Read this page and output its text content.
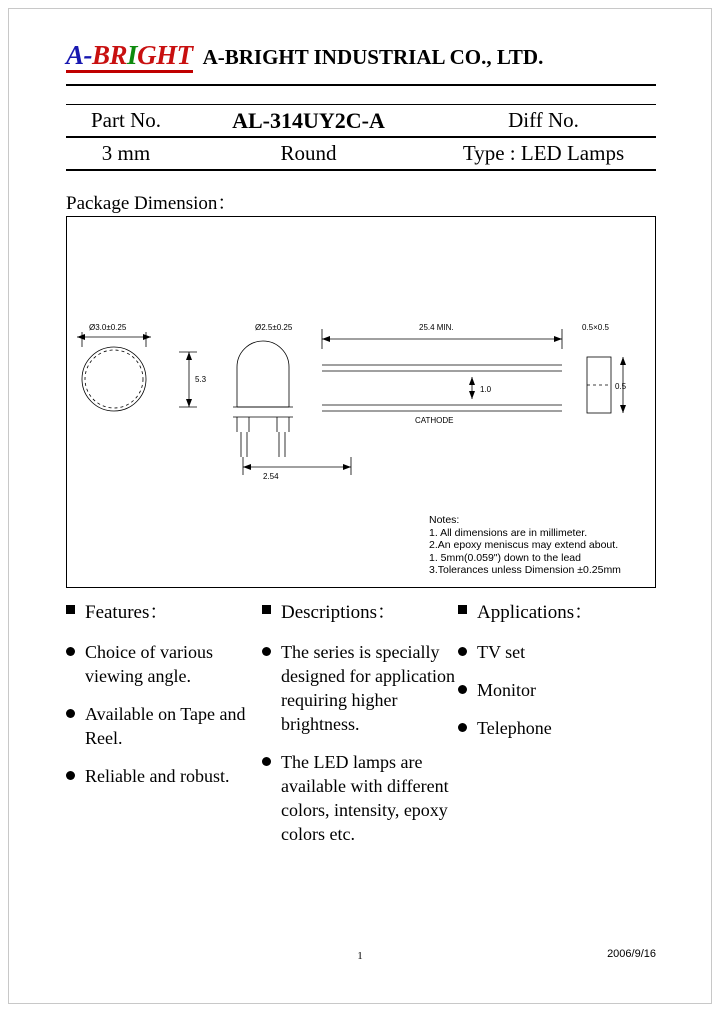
A - B R I G H T A-BRIGHT INDUSTRIAL CO., LTD.
Part No.	AL-314UY2C-A	Diff No.
3 mm	Round	Type : LED Lamps
Package Dimension：
Ø3.0±0.25	Ø2.5±0.25	25.4 MIN.	0.5×0.5
5.3
1.0	0.5
2.54
CATHODE
Notes:
1. All dimensions are in millimeter.
2.An epoxy meniscus may extend about.
1. 5mm(0.059") down to the lead
3.Tolerances unless Dimension ±0.25mm
Features：
Choice of various viewing angle.
Available on Tape and Reel.
Reliable and robust.
Descriptions：
The series is specially designed for application requiring higher brightness.
The LED lamps are available with different colors, intensity, epoxy colors etc.
Applications：
TV set
Monitor
Telephone
1	2006/9/16
